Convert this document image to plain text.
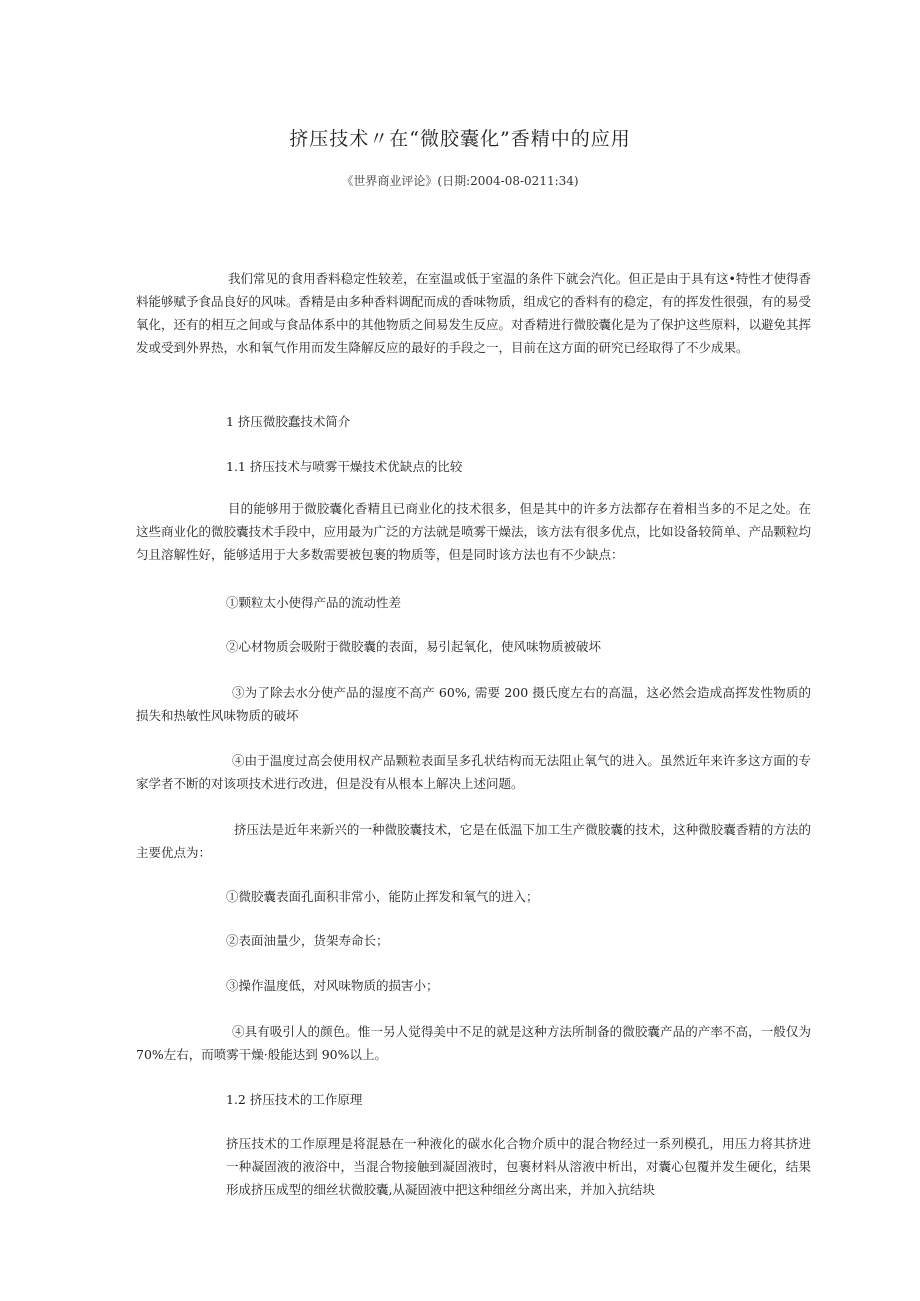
挤压技术〃在“微胶囊化”香精中的应用
《世界商业评论》(日期:2004-08-0211:34)

我们常见的食用香料稳定性较差，在室温或低于室温的条件下就会汽化。但正是由于具有这•特性才使得香料能够赋予食品良好的风味。香精是由多种香料调配而成的香味物质，组成它的香料有的稳定，有的挥发性很强，有的易受氧化，还有的相互之间或与食品体系中的其他物质之间易发生反应。对香精进行微胶囊化是为了保护这些原料，以避免其挥发或受到外界热，水和氧气作用而发生降解反应的最好的手段之一，目前在这方面的研究已经取得了不少成果。

1 挤压微胶蠢技术简介

1.1 挤压技术与喷雾干燥技术优缺点的比较

目的能够用于微胶囊化香精且已商业化的技术很多，但是其中的许多方法都存在着相当多的不足之处。在这些商业化的微胶囊技术手段中，应用最为广泛的方法就是喷雾干燥法，该方法有很多优点，比如设备较简单、产品颗粒均匀且溶解性好，能够适用于大多数需要被包裹的物质等，但是同时该方法也有不少缺点：

①颗粒太小使得产品的流动性差

②心材物质会吸附于微胶囊的表面，易引起氧化，使风味物质被破坏

③为了除去水分使产品的湿度不高产 60%, 需要 200 摄氏度左右的高温，这必然会造成高挥发性物质的损失和热敏性风味物质的破坏

④由于温度过高会使用权产品颗粒表面呈多孔状结构而无法阻止氧气的进入。虽然近年来许多这方面的专家学者不断的对该项技术进行改进，但是没有从根本上解决上述问题。

挤压法是近年来新兴的一种微胶囊技术，它是在低温下加工生产微胶囊的技术，这种微胶囊香精的方法的主要优点为：

①微胶囊表面孔面积非常小，能防止挥发和氧气的进入；

②表面油量少，货架寿命长；

③操作温度低，对风味物质的损害小；

④具有吸引人的颜色。惟一另人觉得美中不足的就是这种方法所制备的微胶囊产品的产率不高，一般仅为 70%左右，而喷雾干燥·般能达到 90%以上。

1.2 挤压技术的工作原理

挤压技术的工作原理是将混悬在一种液化的碳水化合物介质中的混合物经过一系列模孔，用压力将其挤进一种凝固液的液浴中，当混合物接触到凝固液时，包裹材料从溶液中析出，对囊心包覆并发生硬化，结果形成挤压成型的细丝状微胶囊,从凝固液中把这种细丝分离出来，并加入抗结块
